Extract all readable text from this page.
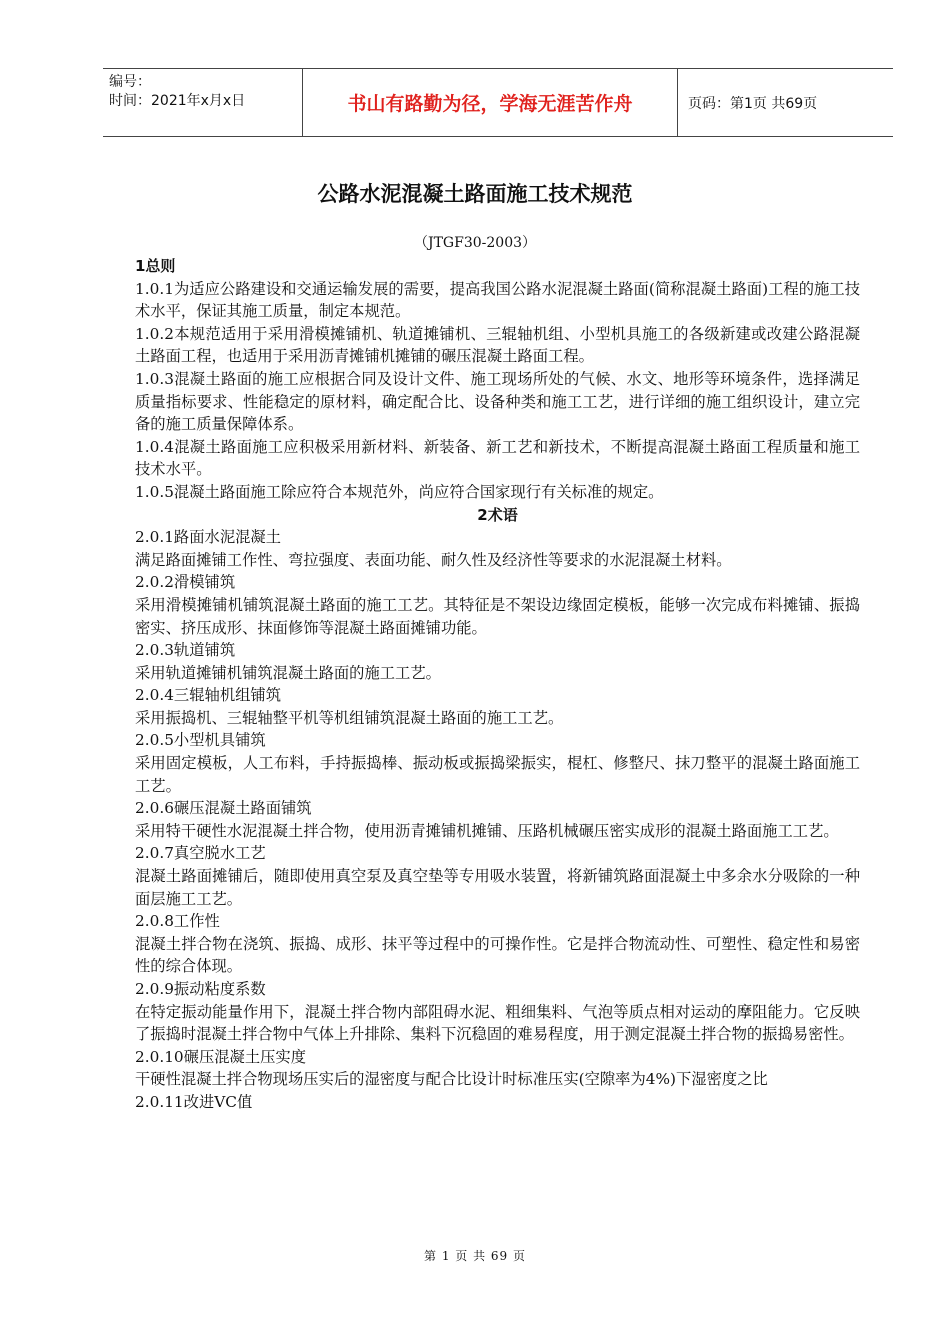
编号：
时间：2021年x月x日	书山有路勤为径，学海无涯苦作舟	页码：第1页 共69页
公路水泥混凝土路面施工技术规范
（JTGF30-2003）

1总则

1.0.1为适应公路建设和交通运输发展的需要，提高我国公路水泥混凝土路面(简称混凝土路面)工程的施工技术水平，保证其施工质量，制定本规范。

1.0.2本规范适用于采用滑模摊铺机、轨道摊铺机、三辊轴机组、小型机具施工的各级新建或改建公路混凝土路面工程，也适用于采用沥青摊铺机摊铺的碾压混凝土路面工程。

1.0.3混凝土路面的施工应根据合同及设计文件、施工现场所处的气候、水文、地形等环境条件，选择满足质量指标要求、性能稳定的原材料，确定配合比、设备种类和施工工艺，进行详细的施工组织设计，建立完备的施工质量保障体系。

1.0.4混凝土路面施工应积极采用新材料、新装备、新工艺和新技术，不断提高混凝土路面工程质量和施工技术水平。

1.0.5混凝土路面施工除应符合本规范外，尚应符合国家现行有关标准的规定。

2术语

2.0.1路面水泥混凝土

满足路面摊铺工作性、弯拉强度、表面功能、耐久性及经济性等要求的水泥混凝土材料。

2.0.2滑模铺筑

采用滑模摊铺机铺筑混凝土路面的施工工艺。其特征是不架设边缘固定模板，能够一次完成布料摊铺、振捣密实、挤压成形、抹面修饰等混凝土路面摊铺功能。

2.0.3轨道铺筑

采用轨道摊铺机铺筑混凝土路面的施工工艺。

2.0.4三辊轴机组铺筑

采用振捣机、三辊轴整平机等机组铺筑混凝土路面的施工工艺。

2.0.5小型机具铺筑

采用固定模板，人工布料，手持振捣棒、振动板或振捣梁振实，棍杠、修整尺、抹刀整平的混凝土路面施工工艺。

2.0.6碾压混凝土路面铺筑

采用特干硬性水泥混凝土拌合物，使用沥青摊铺机摊铺、压路机械碾压密实成形的混凝土路面施工工艺。

2.0.7真空脱水工艺

混凝土路面摊铺后，随即使用真空泵及真空垫等专用吸水装置，将新铺筑路面混凝土中多余水分吸除的一种面层施工工艺。

2.0.8工作性

混凝土拌合物在浇筑、振捣、成形、抹平等过程中的可操作性。它是拌合物流动性、可塑性、稳定性和易密性的综合体现。

2.0.9振动粘度系数

在特定振动能量作用下，混凝土拌合物内部阻碍水泥、粗细集料、气泡等质点相对运动的摩阻能力。它反映了振捣时混凝土拌合物中气体上升排除、集料下沉稳固的难易程度，用于测定混凝土拌合物的振捣易密性。

2.0.10碾压混凝土压实度

干硬性混凝土拌合物现场压实后的湿密度与配合比设计时标准压实(空隙率为4%)下湿密度之比

2.0.11改进VC值

第 1 页 共 69 页
